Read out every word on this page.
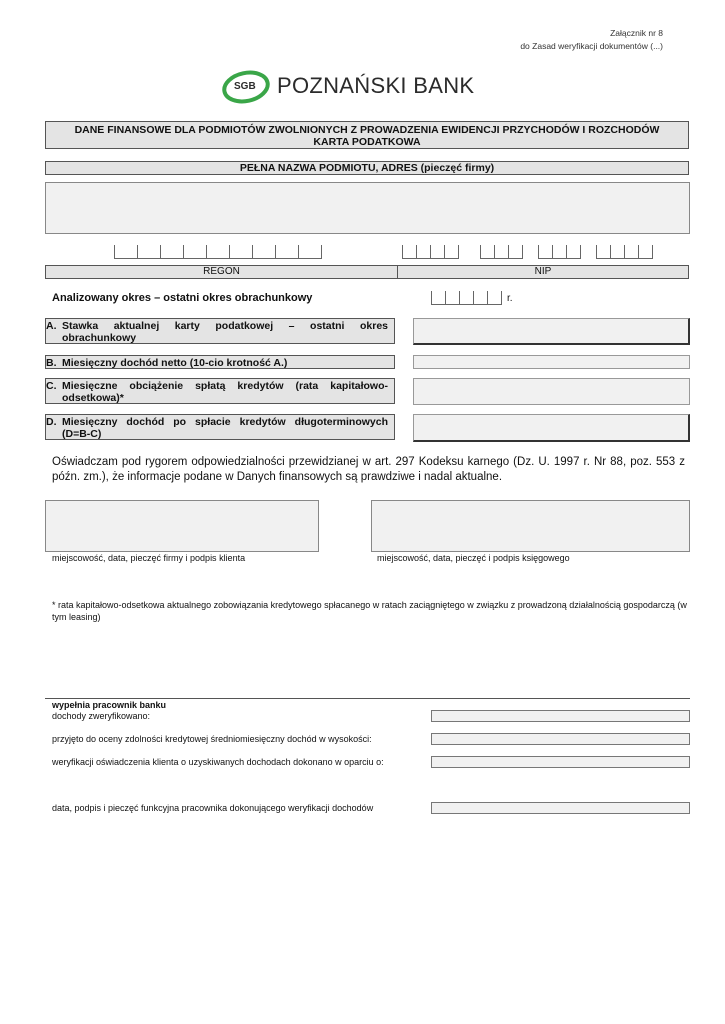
Załącznik nr 8
do Zasad weryfikacji dokumentów (...)
SGB POZNAŃSKI BANK
DANE FINANSOWE DLA PODMIOTÓW ZWOLNIONYCH Z PROWADZENIA EWIDENCJI PRZYCHODÓW I ROZCHODÓW
KARTA PODATKOWA
PEŁNA NAZWA PODMIOTU, ADRES (pieczęć firmy)
REGON	NIP
Analizowany okres – ostatni okres obrachunkowy	r.
A. Stawka aktualnej karty podatkowej – ostatni okres obrachunkowy
B. Miesięczny dochód netto (10-cio krotność A.)
C. Miesięczne obciążenie spłatą kredytów (rata kapitałowo-odsetkowa)*
D. Miesięczny dochód po spłacie kredytów długoterminowych (D=B-C)
Oświadczam pod rygorem odpowiedzialności przewidzianej w art. 297 Kodeksu karnego (Dz. U. 1997 r. Nr 88, poz. 553 z późn. zm.), że informacje podane w Danych finansowych są prawdziwe i nadal aktualne.
miejscowość, data, pieczęć firmy i podpis klienta	miejscowość, data, pieczęć i podpis księgowego
* rata kapitałowo-odsetkowa aktualnego zobowiązania kredytowego spłacanego w ratach zaciągniętego w związku z prowadzoną działalnością gospodarczą (w tym leasing)
wypełnia pracownik banku
dochody zweryfikowano:
przyjęto do oceny zdolności kredytowej średniomiesięczny dochód w wysokości:
weryfikacji oświadczenia klienta o uzyskiwanych dochodach dokonano w oparciu o:
data, podpis i pieczęć funkcyjna pracownika dokonującego weryfikacji dochodów
